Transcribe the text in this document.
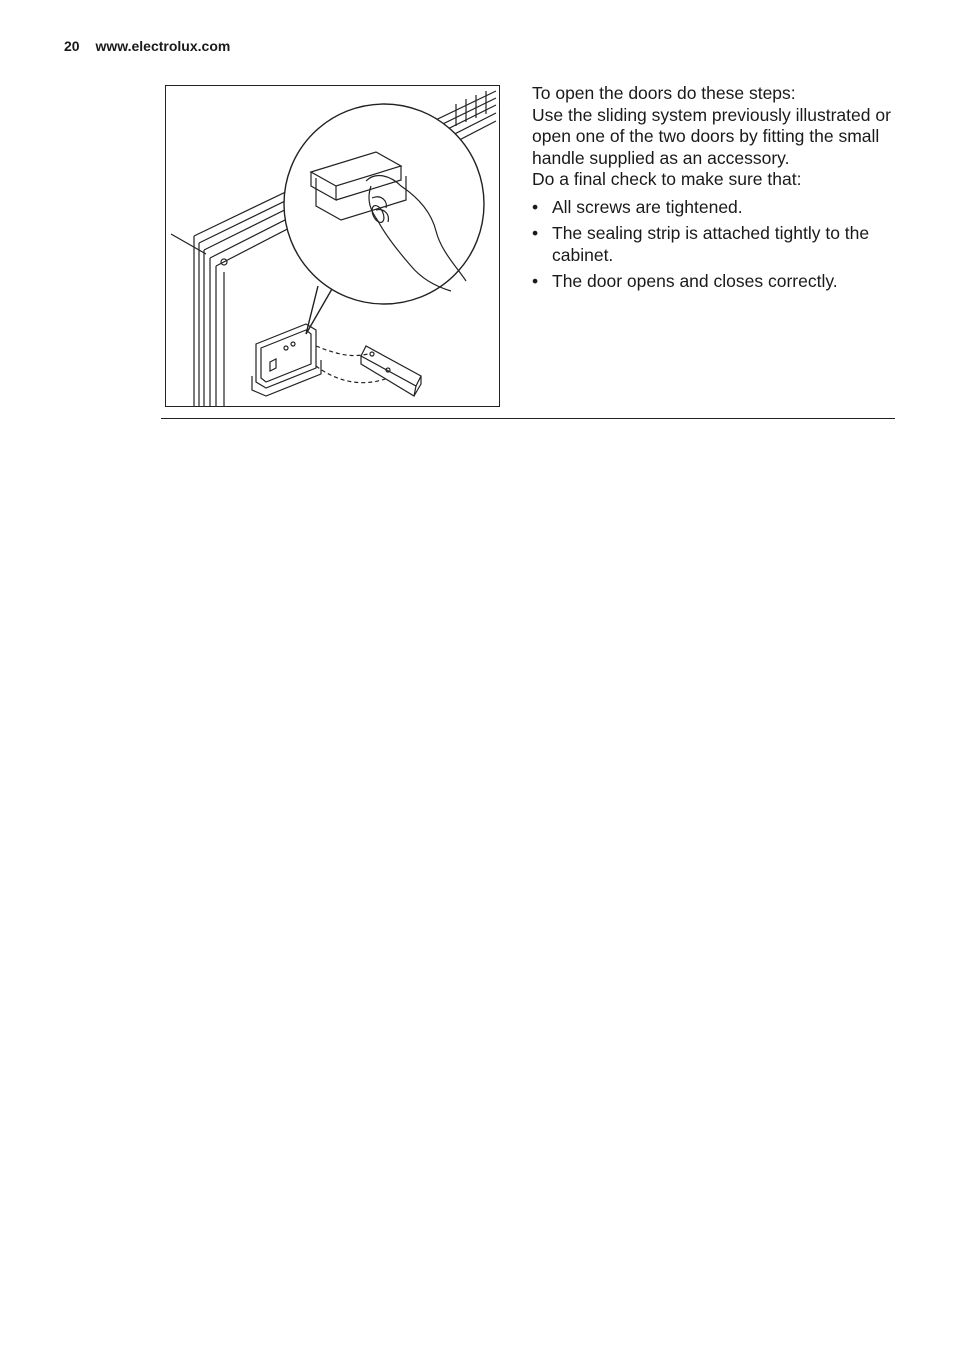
20 www.electrolux.com

To open the doors do these steps:

Use the sliding system previously illustrated or open one of the two doors by fitting the small handle supplied as an accessory.

Do a final check to make sure that:

• All screws are tightened.
• The sealing strip is attached tightly to the cabinet.
• The door opens and closes correctly.
